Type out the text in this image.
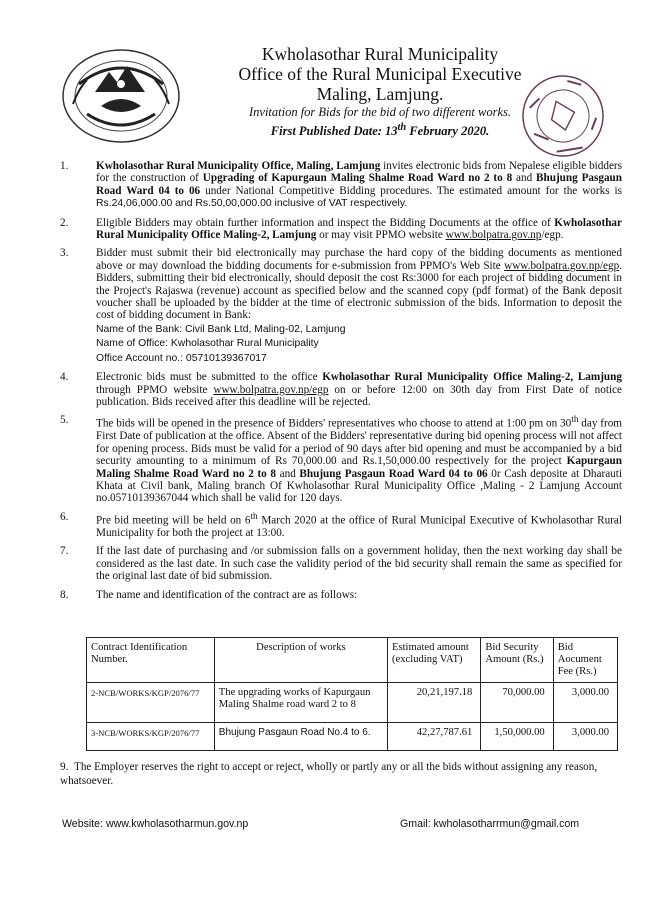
Kwholasothar Rural Municipality
Office of the Rural Municipal Executive
Maling, Lamjung.
Invitation for Bids for the bid of two different works.
First Published Date: 13th February 2020.
1. Kwholasothar Rural Municipality Office, Maling, Lamjung invites electronic bids from Nepalese eligible bidders for the construction of Upgrading of Kapurgaun Maling Shalme Road Ward no 2 to 8 and Bhujung Pasgaun Road Ward 04 to 06 under National Competitive Bidding procedures. The estimated amount for the works is Rs.24,06,000.00 and Rs.50,00,000.00 inclusive of VAT respectively.
2. Eligible Bidders may obtain further information and inspect the Bidding Documents at the office of Kwholasothar Rural Municipality Office Maling-2, Lamjung or may visit PPMO website www.bolpatra.gov.np/egp.
3. Bidder must submit their bid electronically may purchase the hard copy of the bidding documents as mentioned above or may download the bidding documents for e-submission from PPMO's Web Site www.bolpatra.gov.np/egp. Bidders, submitting their bid electronically, should deposit the cost Rs:3000 for each project of bidding document in the Project's Rajaswa (revenue) account as specified below and the scanned copy (pdf format) of the Bank deposit voucher shall be uploaded by the bidder at the time of electronic submission of the bids. Information to deposit the cost of bidding document in Bank:
Name of the Bank: Civil Bank Ltd, Maling-02, Lamjung
Name of Office: Kwholasothar Rural Municipality
Office Account no.: 05710139367017
4. Electronic bids must be submitted to the office Kwholasothar Rural Municipality Office Maling-2, Lamjung through PPMO website www.bolpatra.gov.np/egp on or before 12:00 on 30th day from First Date of notice publication. Bids received after this deadline will be rejected.
5. The bids will be opened in the presence of Bidders' representatives who choose to attend at 1:00 pm on 30th day from First Date of publication at the office. Absent of the Bidders' representative during bid opening process will not affect for opening process. Bids must be valid for a period of 90 days after bid opening and must be accompanied by a bid security amounting to a minimum of Rs 70,000.00 and Rs.1,50,000.00 respectively for the project Kapurgaun Maling Shalme Road Ward no 2 to 8 and Bhujung Pasgaun Road Ward 04 to 06 0r Cash deposite at Dharauti Khata at Civil bank, Maling branch Of Kwholasothar Rural Municipality Office ,Maling - 2 Lamjung Account no.05710139367044 which shall be valid for 120 days.
6. Pre bid meeting will be held on 6th March 2020 at the office of Rural Municipal Executive of Kwholasothar Rural Municipality for both the project at 13:00.
7. If the last date of purchasing and /or submission falls on a government holiday, then the next working day shall be considered as the last date. In such case the validity period of the bid security shall remain the same as specified for the original last date of bid submission.
8. The name and identification of the contract are as follows:
Contract Identification Number.	Description of works	Estimated amount (excluding VAT)	Bid Security Amount (Rs.)	Bid Aocument Fee (Rs.)
2-NCB/WORKS/KGP/2076/77	The upgrading works of Kapurgaun Maling Shalme road ward 2 to 8	20,21,197.18	70,000.00	3,000.00
3-NCB/WORKS/KGP/2076/77	Bhujung Pasgaun Road No.4 to 6.	42,27,787.61	1,50,000.00	3,000.00
9. The Employer reserves the right to accept or reject, wholly or partly any or all the bids without assigning any reason, whatsoever.
Website: www.kwholasotharmun.gov.np	Gmail: kwholasotharrmun@gmail.com
